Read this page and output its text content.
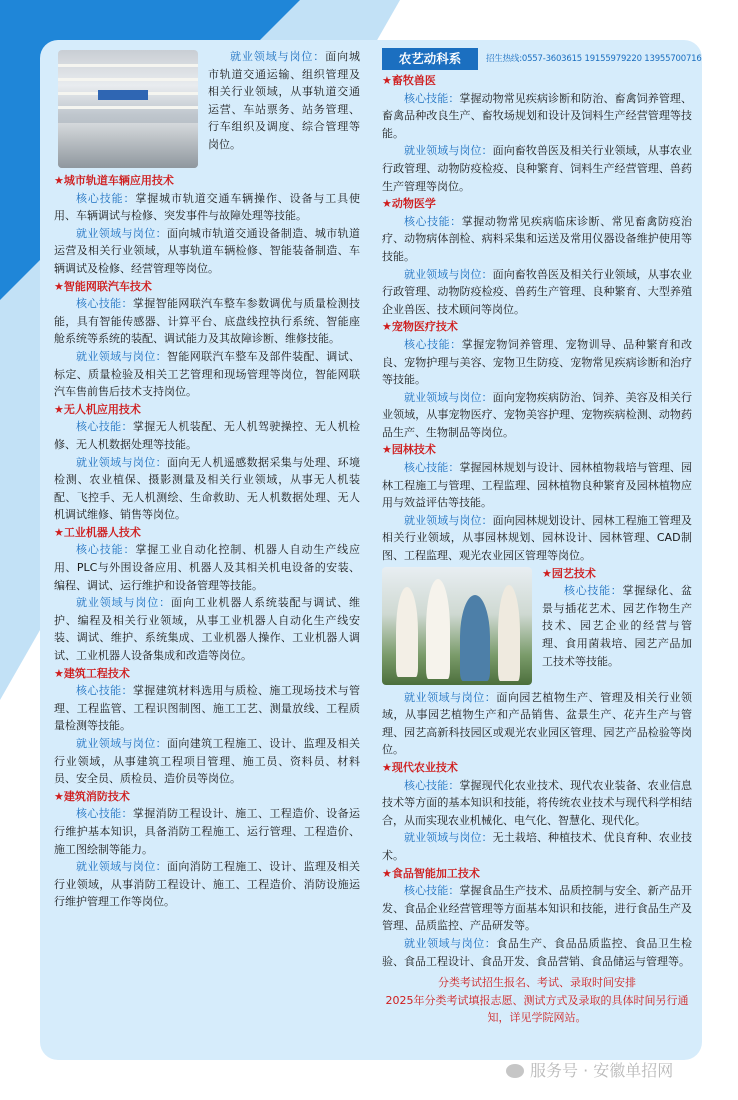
就业领域与岗位：面向城市轨道交通运输、组织管理及相关行业领域，从事轨道交通运营、车站票务、站务管理、行车组织及调度、综合管理等岗位。

★城市轨道车辆应用技术

核心技能：掌握城市轨道交通车辆操作、设备与工具使用、车辆调试与检修、突发事件与故障处理等技能。

就业领域与岗位：面向城市轨道交通设备制造、城市轨道运营及相关行业领域，从事轨道车辆检修、智能装备制造、车辆调试及检修、经营管理等岗位。

★智能网联汽车技术

核心技能：掌握智能网联汽车整车参数调优与质量检测技能，具有智能传感器、计算平台、底盘线控执行系统、智能座舱系统等系统的装配、调试能力及其故障诊断、维修技能。

就业领域与岗位：智能网联汽车整车及部件装配、调试、标定、质量检验及相关工艺管理和现场管理等岗位，智能网联汽车售前售后技术支持岗位。

★无人机应用技术

核心技能：掌握无人机装配、无人机驾驶操控、无人机检修、无人机数据处理等技能。

就业领域与岗位：面向无人机遥感数据采集与处理、环境检测、农业植保、摄影测量及相关行业领域，从事无人机装配、飞控手、无人机测绘、生命救助、无人机数据处理、无人机调试维修、销售等岗位。

★工业机器人技术

核心技能：掌握工业自动化控制、机器人自动生产线应用、PLC与外围设备应用、机器人及其相关机电设备的安装、编程、调试、运行维护和设备管理等技能。

就业领域与岗位：面向工业机器人系统装配与调试、维护、编程及相关行业领域，从事工业机器人自动化生产线安装、调试、维护、系统集成、工业机器人操作、工业机器人调试、工业机器人设备集成和改造等岗位。

★建筑工程技术

核心技能：掌握建筑材料选用与质检、施工现场技术与管理、工程监管、工程识图制图、施工工艺、测量放线、工程质量检测等技能。

就业领域与岗位：面向建筑工程施工、设计、监理及相关行业领域，从事建筑工程项目管理、施工员、资料员、材料员、安全员、质检员、造价员等岗位。

★建筑消防技术

核心技能：掌握消防工程设计、施工、工程造价、设备运行维护基本知识，具备消防工程施工、运行管理、工程造价、施工图绘制等能力。

就业领域与岗位：面向消防工程施工、设计、监理及相关行业领域，从事消防工程设计、施工、工程造价、消防设施运行维护管理工作等岗位。

农艺动科系	招生热线:0557-3603615 19155979220 13955700716

★畜牧兽医

核心技能：掌握动物常见疾病诊断和防治、畜禽饲养管理、畜禽品种改良生产、畜牧场规划和设计及饲料生产经营管理等技能。

就业领域与岗位：面向畜牧兽医及相关行业领域，从事农业行政管理、动物防疫检疫、良种繁育、饲料生产经营管理、兽药生产管理等岗位。

★动物医学

核心技能：掌握动物常见疾病临床诊断、常见畜禽防疫治疗、动物病体剖检、病料采集和运送及常用仪器设备维护使用等技能。

就业领域与岗位：面向畜牧兽医及相关行业领域，从事农业行政管理、动物防疫检疫、兽药生产管理、良种繁育、大型养殖企业兽医、技术顾问等岗位。

★宠物医疗技术

核心技能：掌握宠物饲养管理、宠物训导、品种繁育和改良、宠物护理与美容、宠物卫生防疫、宠物常见疾病诊断和治疗等技能。

就业领域与岗位：面向宠物疾病防治、饲养、美容及相关行业领域，从事宠物医疗、宠物美容护理、宠物疾病检测、动物药品生产、生物制品等岗位。

★园林技术

核心技能：掌握园林规划与设计、园林植物栽培与管理、园林工程施工与管理、工程监理、园林植物良种繁育及园林植物应用与效益评估等技能。

就业领域与岗位：面向园林规划设计、园林工程施工管理及相关行业领域，从事园林规划、园林设计、园林管理、CAD制图、工程监理、观光农业园区管理等岗位。

★园艺技术

核心技能：掌握绿化、盆景与插花艺术、园艺作物生产技术、园艺企业的经营与管理、食用菌栽培、园艺产品加工技术等技能。

就业领域与岗位：面向园艺植物生产、管理及相关行业领域，从事园艺植物生产和产品销售、盆景生产、花卉生产与管理、园艺高新科技园区或观光农业园区管理、园艺产品检验等岗位。

★现代农业技术

核心技能：掌握现代化农业技术、现代农业装备、农业信息技术等方面的基本知识和技能，将传统农业技术与现代科学相结合，从而实现农业机械化、电气化、智慧化、现代化。

就业领域与岗位：无土栽培、种植技术、优良育种、农业技术。

★食品智能加工技术

核心技能：掌握食品生产技术、品质控制与安全、新产品开发、食品企业经营管理等方面基本知识和技能，进行食品生产及管理、品质监控、产品研发等。

就业领域与岗位：食品生产、食品品质监控、食品卫生检验、食品工程设计、食品开发、食品营销、食品储运与管理等。

分类考试招生报名、考试、录取时间安排

2025年分类考试填报志愿、测试方式及录取的具体时间另行通知，详见学院网站。

服务号 · 安徽单招网
